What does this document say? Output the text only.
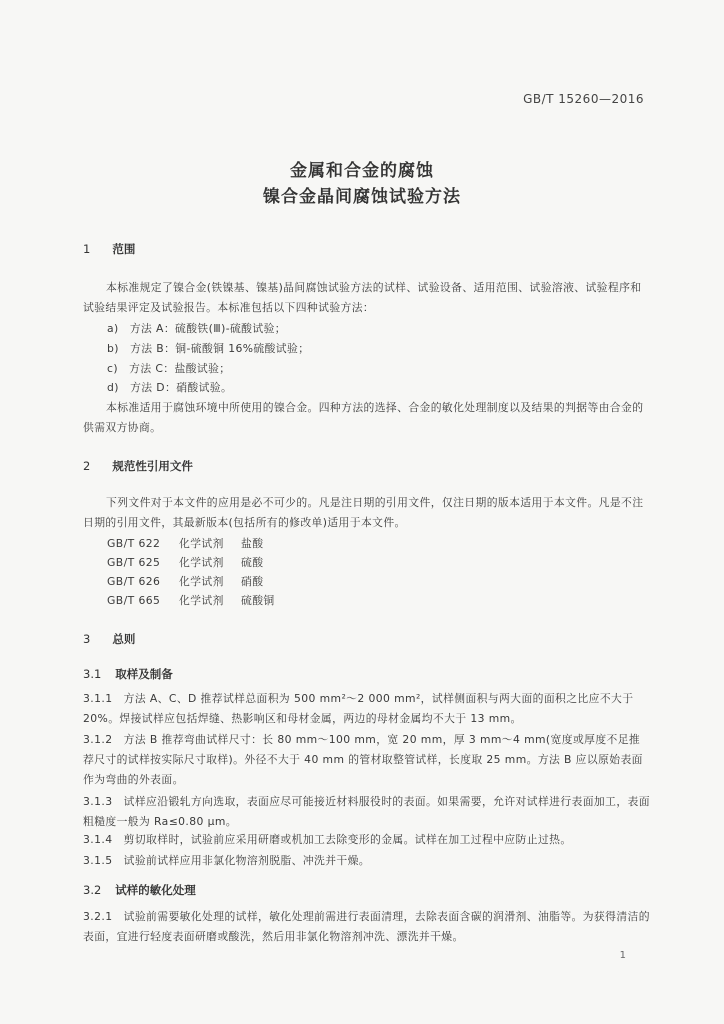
GB/T 15260—2016
金属和合金的腐蚀
镍合金晶间腐蚀试验方法
1 范围
本标准规定了镍合金(铁镍基、镍基)晶间腐蚀试验方法的试样、试验设备、适用范围、试验溶液、试验程序和试验结果评定及试验报告。本标准包括以下四种试验方法：
a)　方法 A：硫酸铁(Ⅲ)-硫酸试验；
b)　方法 B：铜-硫酸铜 16%硫酸试验；
c)　方法 C：盐酸试验；
d)　方法 D：硝酸试验。
本标准适用于腐蚀环境中所使用的镍合金。四种方法的选择、合金的敏化处理制度以及结果的判据等由合金的供需双方协商。
2 规范性引用文件
下列文件对于本文件的应用是必不可少的。凡是注日期的引用文件，仅注日期的版本适用于本文件。凡是不注日期的引用文件，其最新版本(包括所有的修改单)适用于本文件。
GB/T 622 化学试剂 盐酸
GB/T 625 化学试剂 硫酸
GB/T 626 化学试剂 硝酸
GB/T 665 化学试剂 硫酸铜
3 总则
3.1 取样及制备
3.1.1　方法 A、C、D 推荐试样总面积为 500 mm²～2 000 mm²，试样侧面积与两大面的面积之比应不大于 20%。焊接试样应包括焊缝、热影响区和母材金属，两边的母材金属均不大于 13 mm。
3.1.2　方法 B 推荐弯曲试样尺寸：长 80 mm～100 mm，宽 20 mm，厚 3 mm～4 mm(宽度或厚度不足推荐尺寸的试样按实际尺寸取样)。外径不大于 40 mm 的管材取整管试样，长度取 25 mm。方法 B 应以原始表面作为弯曲的外表面。
3.1.3　试样应沿锻轧方向选取，表面应尽可能接近材料服役时的表面。如果需要，允许对试样进行表面加工，表面粗糙度一般为 Ra≤0.80 μm。
3.1.4　剪切取样时，试验前应采用研磨或机加工去除变形的金属。试样在加工过程中应防止过热。
3.1.5　试验前试样应用非氯化物溶剂脱脂、冲洗并干燥。
3.2 试样的敏化处理
3.2.1　试验前需要敏化处理的试样，敏化处理前需进行表面清理，去除表面含碳的润滑剂、油脂等。为获得清洁的表面，宜进行轻度表面研磨或酸洗，然后用非氯化物溶剂冲洗、漂洗并干燥。
1
